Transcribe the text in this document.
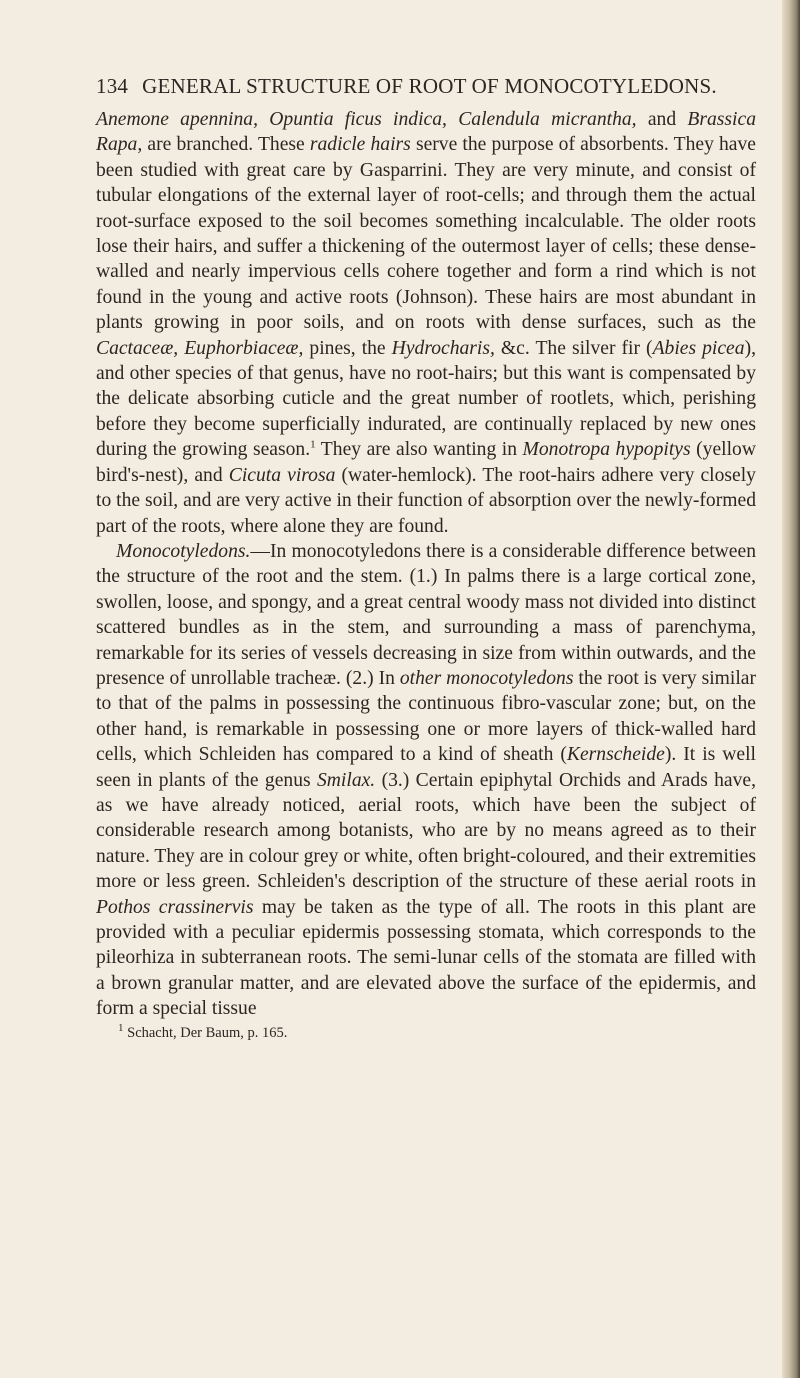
134 GENERAL STRUCTURE OF ROOT OF MONOCOTYLEDONS.

Anemone apennina, Opuntia ficus indica, Calendula micrantha, and Brassica Rapa, are branched. These radicle hairs serve the purpose of absorbents. They have been studied with great care by Gasparrini. They are very minute, and consist of tubular elongations of the external layer of root-cells; and through them the actual root-surface exposed to the soil becomes something incalculable. The older roots lose their hairs, and suffer a thickening of the outermost layer of cells; these dense-walled and nearly impervious cells cohere together and form a rind which is not found in the young and active roots (Johnson). These hairs are most abundant in plants growing in poor soils, and on roots with dense surfaces, such as the Cactaceæ, Euphorbiaceæ, pines, the Hydrocharis, &c. The silver fir (Abies picea), and other species of that genus, have no root-hairs; but this want is compensated by the delicate absorbing cuticle and the great number of rootlets, which, perishing before they become superficially indurated, are continually replaced by new ones during the growing season.$^1$ They are also wanting in Monotropa hypopitys (yellow bird's-nest), and Cicuta virosa (water-hemlock). The root-hairs adhere very closely to the soil, and are very active in their function of absorption over the newly-formed part of the roots, where alone they are found.

Monocotyledons.—In monocotyledons there is a considerable difference between the structure of the root and the stem. (1.) In palms there is a large cortical zone, swollen, loose, and spongy, and a great central woody mass not divided into distinct scattered bundles as in the stem, and surrounding a mass of parenchyma, remarkable for its series of vessels decreasing in size from within outwards, and the presence of unrollable tracheæ. (2.) In other monocotyledons the root is very similar to that of the palms in possessing the continuous fibro-vascular zone; but, on the other hand, is remarkable in possessing one or more layers of thick-walled hard cells, which Schleiden has compared to a kind of sheath (Kernscheide). It is well seen in plants of the genus Smilax. (3.) Certain epiphytal Orchids and Arads have, as we have already noticed, aerial roots, which have been the subject of considerable research among botanists, who are by no means agreed as to their nature. They are in colour grey or white, often bright-coloured, and their extremities more or less green. Schleiden's description of the structure of these aerial roots in Pothos crassinervis may be taken as the type of all. The roots in this plant are provided with a peculiar epidermis possessing stomata, which corresponds to the pileorhiza in subterranean roots. The semi-lunar cells of the stomata are filled with a brown granular matter, and are elevated above the surface of the epidermis, and form a special tissue

$^1$ Schacht, Der Baum, p. 165.
